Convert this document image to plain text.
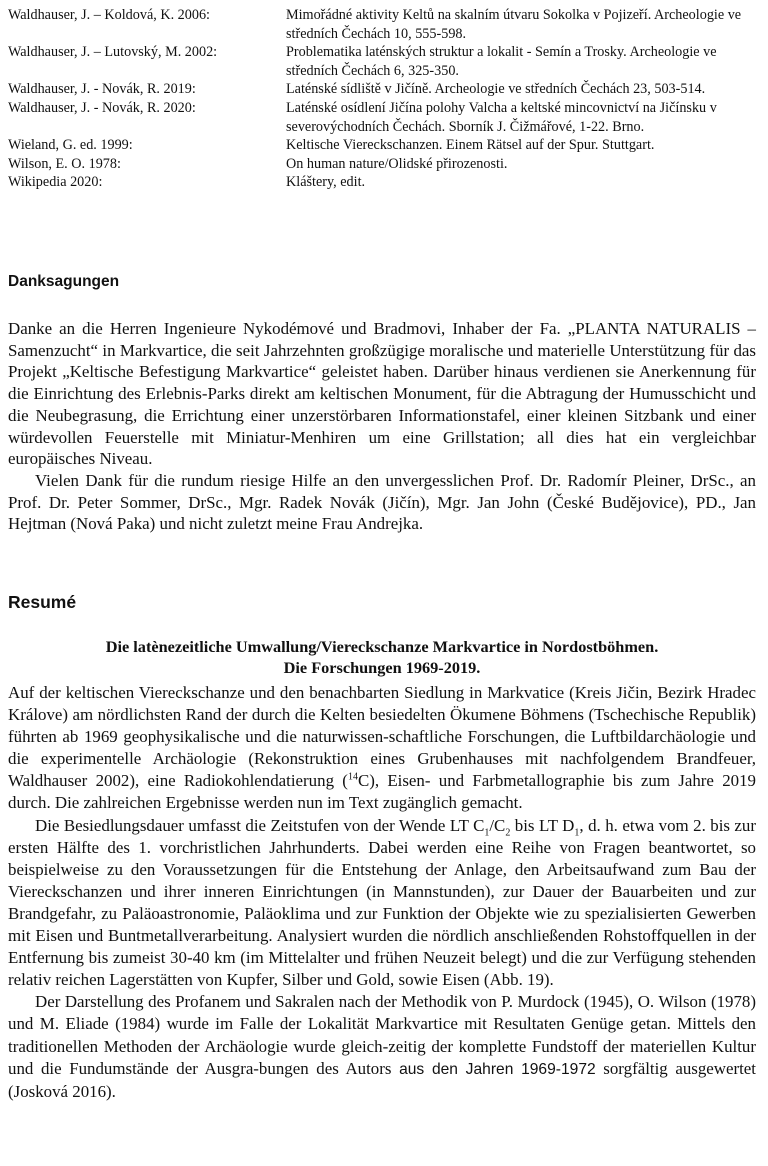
Waldhauser, J. – Koldová, K. 2006:	Mimořádné aktivity Keltů na skalním útvaru Sokolka v Pojizeří. Archeologie ve středních Čechách 10, 555-598.
Waldhauser, J. – Lutovský, M. 2002:	Problematika laténských struktur a lokalit - Semín a Trosky. Archeologie ve středních Čechách 6, 325-350.
Waldhauser, J. - Novák, R. 2019:	Laténské sídliště v Jičíně. Archeologie ve středních Čechách 23, 503-514.
Waldhauser, J. - Novák, R. 2020:	Laténské osídlení Jičína polohy Valcha a keltské mincovnictví na Jičínsku v severovýchodních Čechách. Sborník J. Čižmářové, 1-22. Brno.
Wieland, G. ed. 1999:	Keltische Viereckschanzen. Einem Rätsel auf der Spur. Stuttgart.
Wilson, E. O. 1978:	On human nature/Olidské přirozenosti.
Wikipedia 2020:	Kláštery, edit.
Danksagungen

Danke an die Herren Ingenieure Nykodémové und Bradmovi, Inhaber der Fa. „PLANTA NATURALIS – Samenzucht“ in Markvartice, die seit Jahrzehnten großzügige moralische und materielle Unterstützung für das Projekt „Keltische Befestigung Markvartice“ geleistet haben. Darüber hinaus verdienen sie Anerkennung für die Einrichtung des Erlebnis-Parks direkt am keltischen Monument, für die Abtragung der Humusschicht und die Neubegrasung, die Errichtung einer unzerstörbaren Informationstafel, einer kleinen Sitzbank und einer würdevollen Feuerstelle mit Miniatur-Menhiren um eine Grillstation; all dies hat ein vergleichbar europäisches Niveau.

Vielen Dank für die rundum riesige Hilfe an den unvergesslichen Prof. Dr. Radomír Pleiner, DrSc., an Prof. Dr. Peter Sommer, DrSc., Mgr. Radek Novák (Jičín), Mgr. Jan John (České Budějovice), PD., Jan Hejtman (Nová Paka) und nicht zuletzt meine Frau Andrejka.

Resumé
Die latènezeitliche Umwallung/Viereckschanze Markvartice in Nordostböhmen.
Die Forschungen 1969-2019.

Auf der keltischen Viereckschanze und den benachbarten Siedlung in Markvatice (Kreis Jičin, Bezirk Hradec Králove) am nördlichsten Rand der durch die Kelten besiedelten Ökumene Böhmens (Tschechische Republik) führten ab 1969 geophysikalische und die naturwissen-schaftliche Forschungen, die Luftbildarchäologie und die experimentelle Archäologie (Rekonstruktion eines Grubenhauses mit nachfolgendem Brandfeuer, Waldhauser 2002), eine Radiokohlendatierung ($^{14}$C), Eisen- und Farbmetallographie bis zum Jahre 2019 durch. Die zahlreichen Ergebnisse werden nun im Text zugänglich gemacht.

Die Besiedlungsdauer umfasst die Zeitstufen von der Wende LT $C_1/C_2$ bis LT $D_1$, d. h. etwa vom 2. bis zur ersten Hälfte des 1. vorchristlichen Jahrhunderts. Dabei werden eine Reihe von Fragen beantwortet, so beispielweise zu den Voraussetzungen für die Entstehung der Anlage, den Arbeitsaufwand zum Bau der Viereckschanzen und ihrer inneren Einrichtungen (in Mannstunden), zur Dauer der Bauarbeiten und zur Brandgefahr, zu Paläoastronomie, Paläoklima und zur Funktion der Objekte wie zu spezialisierten Gewerben mit Eisen und Buntmetallverarbeitung. Analysiert wurden die nördlich anschließenden Rohstoffquellen in der Entfernung bis zumeist 30-40 km (im Mittelalter und frühen Neuzeit belegt) und die zur Verfügung stehenden relativ reichen Lagerstätten von Kupfer, Silber und Gold, sowie Eisen (Abb. 19).

Der Darstellung des Profanem und Sakralen nach der Methodik von P. Murdock (1945), O. Wilson (1978) und M. Eliade (1984) wurde im Falle der Lokalität Markvartice mit Resultaten Genüge getan. Mittels den traditionellen Methoden der Archäologie wurde gleich-zeitig der komplette Fundstoff der materiellen Kultur und die Fundumstände der Ausgra-bungen des Autors aus den Jahren 1969-1972 sorgfältig ausgewertet (Josková 2016).
